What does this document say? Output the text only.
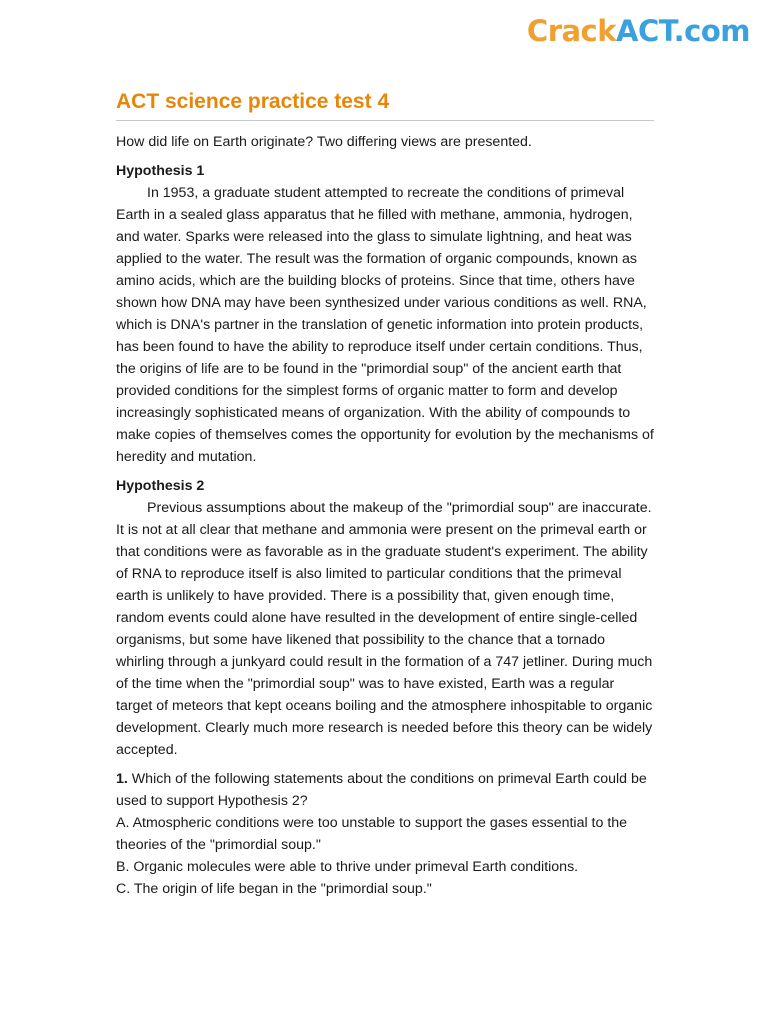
CrackACT.com
ACT science practice test 4

How did life on Earth originate? Two differing views are presented.

Hypothesis 1

In 1953, a graduate student attempted to recreate the conditions of primeval Earth in a sealed glass apparatus that he filled with methane, ammonia, hydrogen, and water. Sparks were released into the glass to simulate lightning, and heat was applied to the water. The result was the formation of organic compounds, known as amino acids, which are the building blocks of proteins. Since that time, others have shown how DNA may have been synthesized under various conditions as well. RNA, which is DNA's partner in the translation of genetic information into protein products, has been found to have the ability to reproduce itself under certain conditions. Thus, the origins of life are to be found in the "primordial soup" of the ancient earth that provided conditions for the simplest forms of organic matter to form and develop increasingly sophisticated means of organization. With the ability of compounds to make copies of themselves comes the opportunity for evolution by the mechanisms of heredity and mutation.

Hypothesis 2

Previous assumptions about the makeup of the "primordial soup" are inaccurate. It is not at all clear that methane and ammonia were present on the primeval earth or that conditions were as favorable as in the graduate student's experiment. The ability of RNA to reproduce itself is also limited to particular conditions that the primeval earth is unlikely to have provided. There is a possibility that, given enough time, random events could alone have resulted in the development of entire single-celled organisms, but some have likened that possibility to the chance that a tornado whirling through a junkyard could result in the formation of a 747 jetliner. During much of the time when the "primordial soup" was to have existed, Earth was a regular target of meteors that kept oceans boiling and the atmosphere inhospitable to organic development. Clearly much more research is needed before this theory can be widely accepted.

1. Which of the following statements about the conditions on primeval Earth could be used to support Hypothesis 2?

A. Atmospheric conditions were too unstable to support the gases essential to the theories of the "primordial soup."

B. Organic molecules were able to thrive under primeval Earth conditions.

C. The origin of life began in the "primordial soup."
